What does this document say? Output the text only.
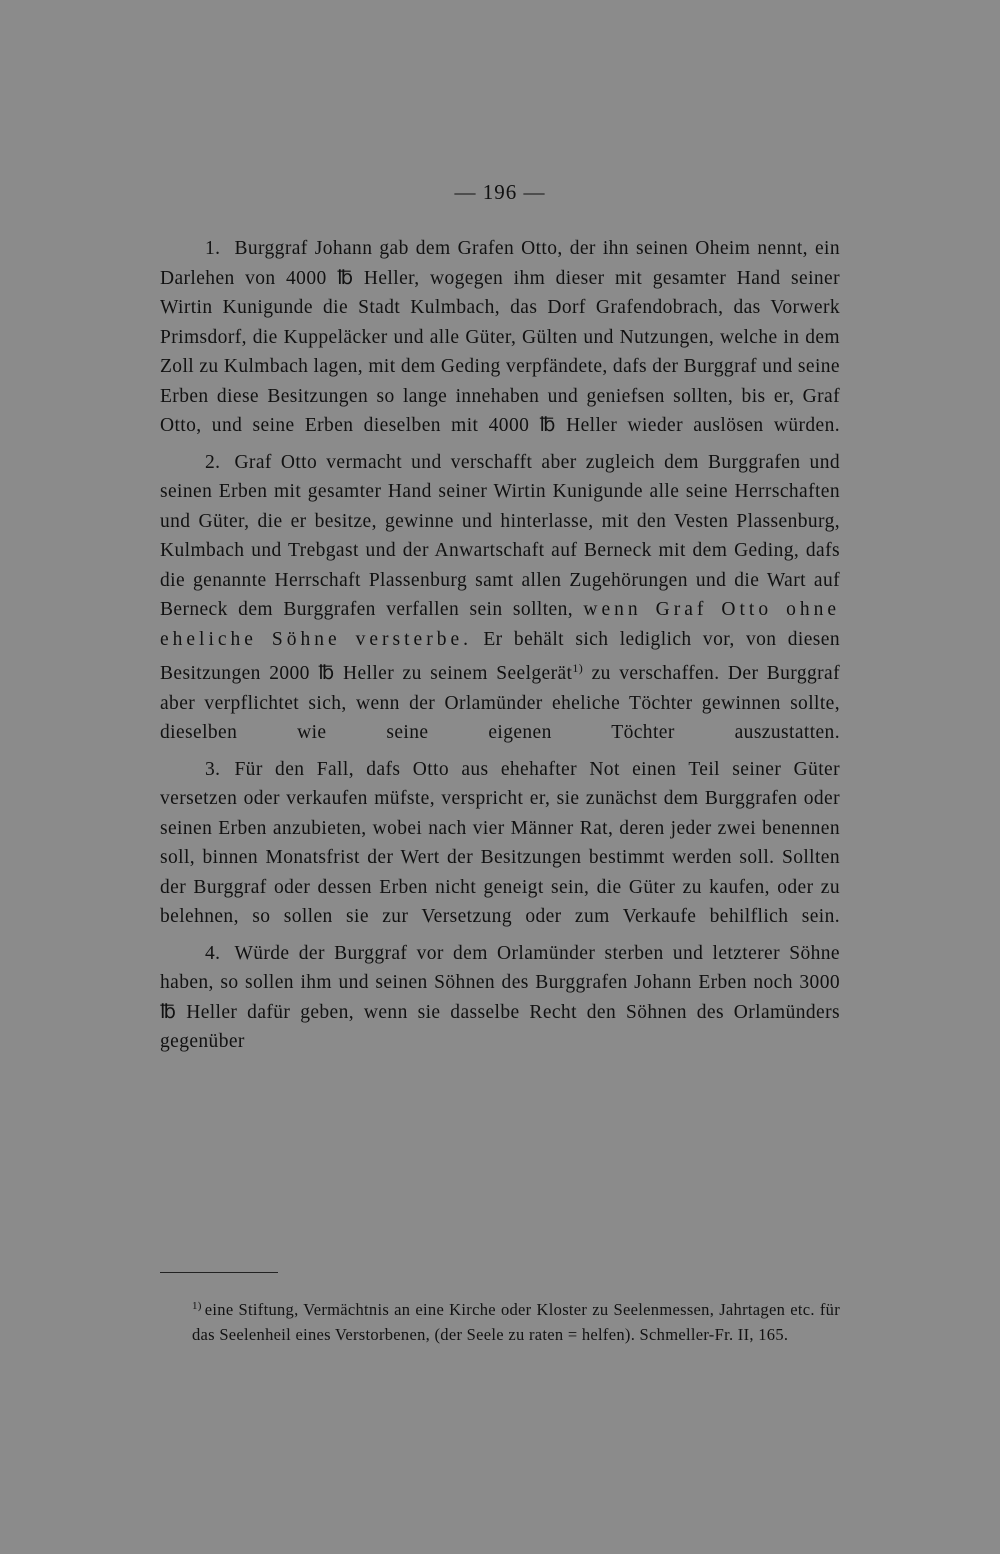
— 196 —

1. Burggraf Johann gab dem Grafen Otto, der ihn seinen Oheim nennt, ein Darlehen von 4000 ℔ Heller, wogegen ihm dieser mit gesamter Hand seiner Wirtin Kunigunde die Stadt Kulmbach, das Dorf Grafendobrach, das Vorwerk Primsdorf, die Kuppeläcker und alle Güter, Gülten und Nutzungen, welche in dem Zoll zu Kulmbach lagen, mit dem Geding verpfändete, dafs der Burggraf und seine Erben diese Besitzungen so lange innehaben und geniefsen sollten, bis er, Graf Otto, und seine Erben dieselben mit 4000 ℔ Heller wieder auslösen würden.

2. Graf Otto vermacht und verschafft aber zugleich dem Burggrafen und seinen Erben mit gesamter Hand seiner Wirtin Kunigunde alle seine Herrschaften und Güter, die er besitze, gewinne und hinterlasse, mit den Vesten Plassenburg, Kulmbach und Trebgast und der Anwartschaft auf Berneck mit dem Geding, dafs die genannte Herrschaft Plassenburg samt allen Zugehörungen und die Wart auf Berneck dem Burggrafen verfallen sein sollten, wenn Graf Otto ohne eheliche Söhne versterbe. Er behält sich lediglich vor, von diesen Besitzungen 2000 ℔ Heller zu seinem Seelgerät$^{1)}$ zu verschaffen. Der Burggraf aber verpflichtet sich, wenn der Orlamünder eheliche Töchter gewinnen sollte, dieselben wie seine eigenen Töchter auszustatten.

3. Für den Fall, dafs Otto aus ehehafter Not einen Teil seiner Güter versetzen oder verkaufen müfste, verspricht er, sie zunächst dem Burggrafen oder seinen Erben anzubieten, wobei nach vier Männer Rat, deren jeder zwei benennen soll, binnen Monatsfrist der Wert der Besitzungen bestimmt werden soll. Sollten der Burggraf oder dessen Erben nicht geneigt sein, die Güter zu kaufen, oder zu belehnen, so sollen sie zur Versetzung oder zum Verkaufe behilflich sein.

4. Würde der Burggraf vor dem Orlamünder sterben und letzterer Söhne haben, so sollen ihm und seinen Söhnen des Burggrafen Johann Erben noch 3000 ℔ Heller dafür geben, wenn sie dasselbe Recht den Söhnen des Orlamünders gegenüber

$^{1)}$ eine Stiftung, Vermächtnis an eine Kirche oder Kloster zu Seelenmessen, Jahrtagen etc. für das Seelenheil eines Verstorbenen, (der Seele zu raten = helfen). Schmeller-Fr. II, 165.
